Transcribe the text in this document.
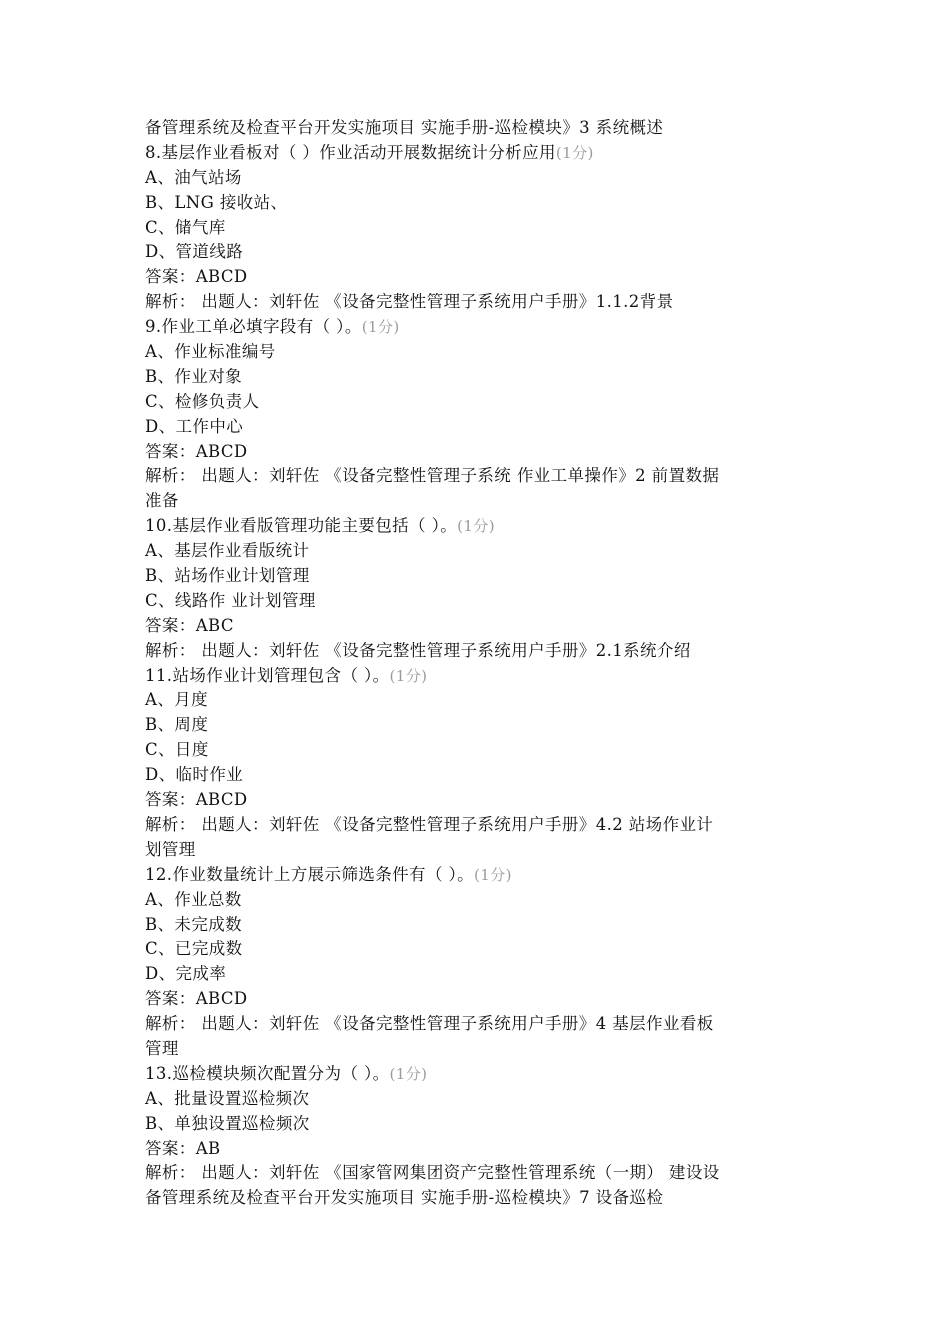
备管理系统及检查平台开发实施项目 实施手册-巡检模块》3 系统概述
8.基层作业看板对（ ）作业活动开展数据统计分析应用(1分)
A、油气站场
B、LNG 接收站、
C、储气库
D、管道线路
答案：ABCD
解析： 出题人：刘轩佐 《设备完整性管理子系统用户手册》1.1.2背景
9.作业工单必填字段有（ ）。(1分)
A、作业标准编号
B、作业对象
C、检修负责人
D、工作中心
答案：ABCD
解析： 出题人：刘轩佐 《设备完整性管理子系统 作业工单操作》2 前置数据
准备
10.基层作业看版管理功能主要包括（ ）。(1分)
A、基层作业看版统计
B、站场作业计划管理
C、线路作 业计划管理
答案：ABC
解析： 出题人：刘轩佐 《设备完整性管理子系统用户手册》2.1系统介绍
11.站场作业计划管理包含（ ）。(1分)
A、月度
B、周度
C、日度
D、临时作业
答案：ABCD
解析： 出题人：刘轩佐 《设备完整性管理子系统用户手册》4.2 站场作业计
划管理
12.作业数量统计上方展示筛选条件有（ ）。(1分)
A、作业总数
B、未完成数
C、已完成数
D、完成率
答案：ABCD
解析： 出题人：刘轩佐 《设备完整性管理子系统用户手册》4 基层作业看板
管理
13.巡检模块频次配置分为（ ）。(1分)
A、批量设置巡检频次
B、单独设置巡检频次
答案：AB
解析： 出题人：刘轩佐 《国家管网集团资产完整性管理系统（一期） 建设设
备管理系统及检查平台开发实施项目 实施手册-巡检模块》7 设备巡检
